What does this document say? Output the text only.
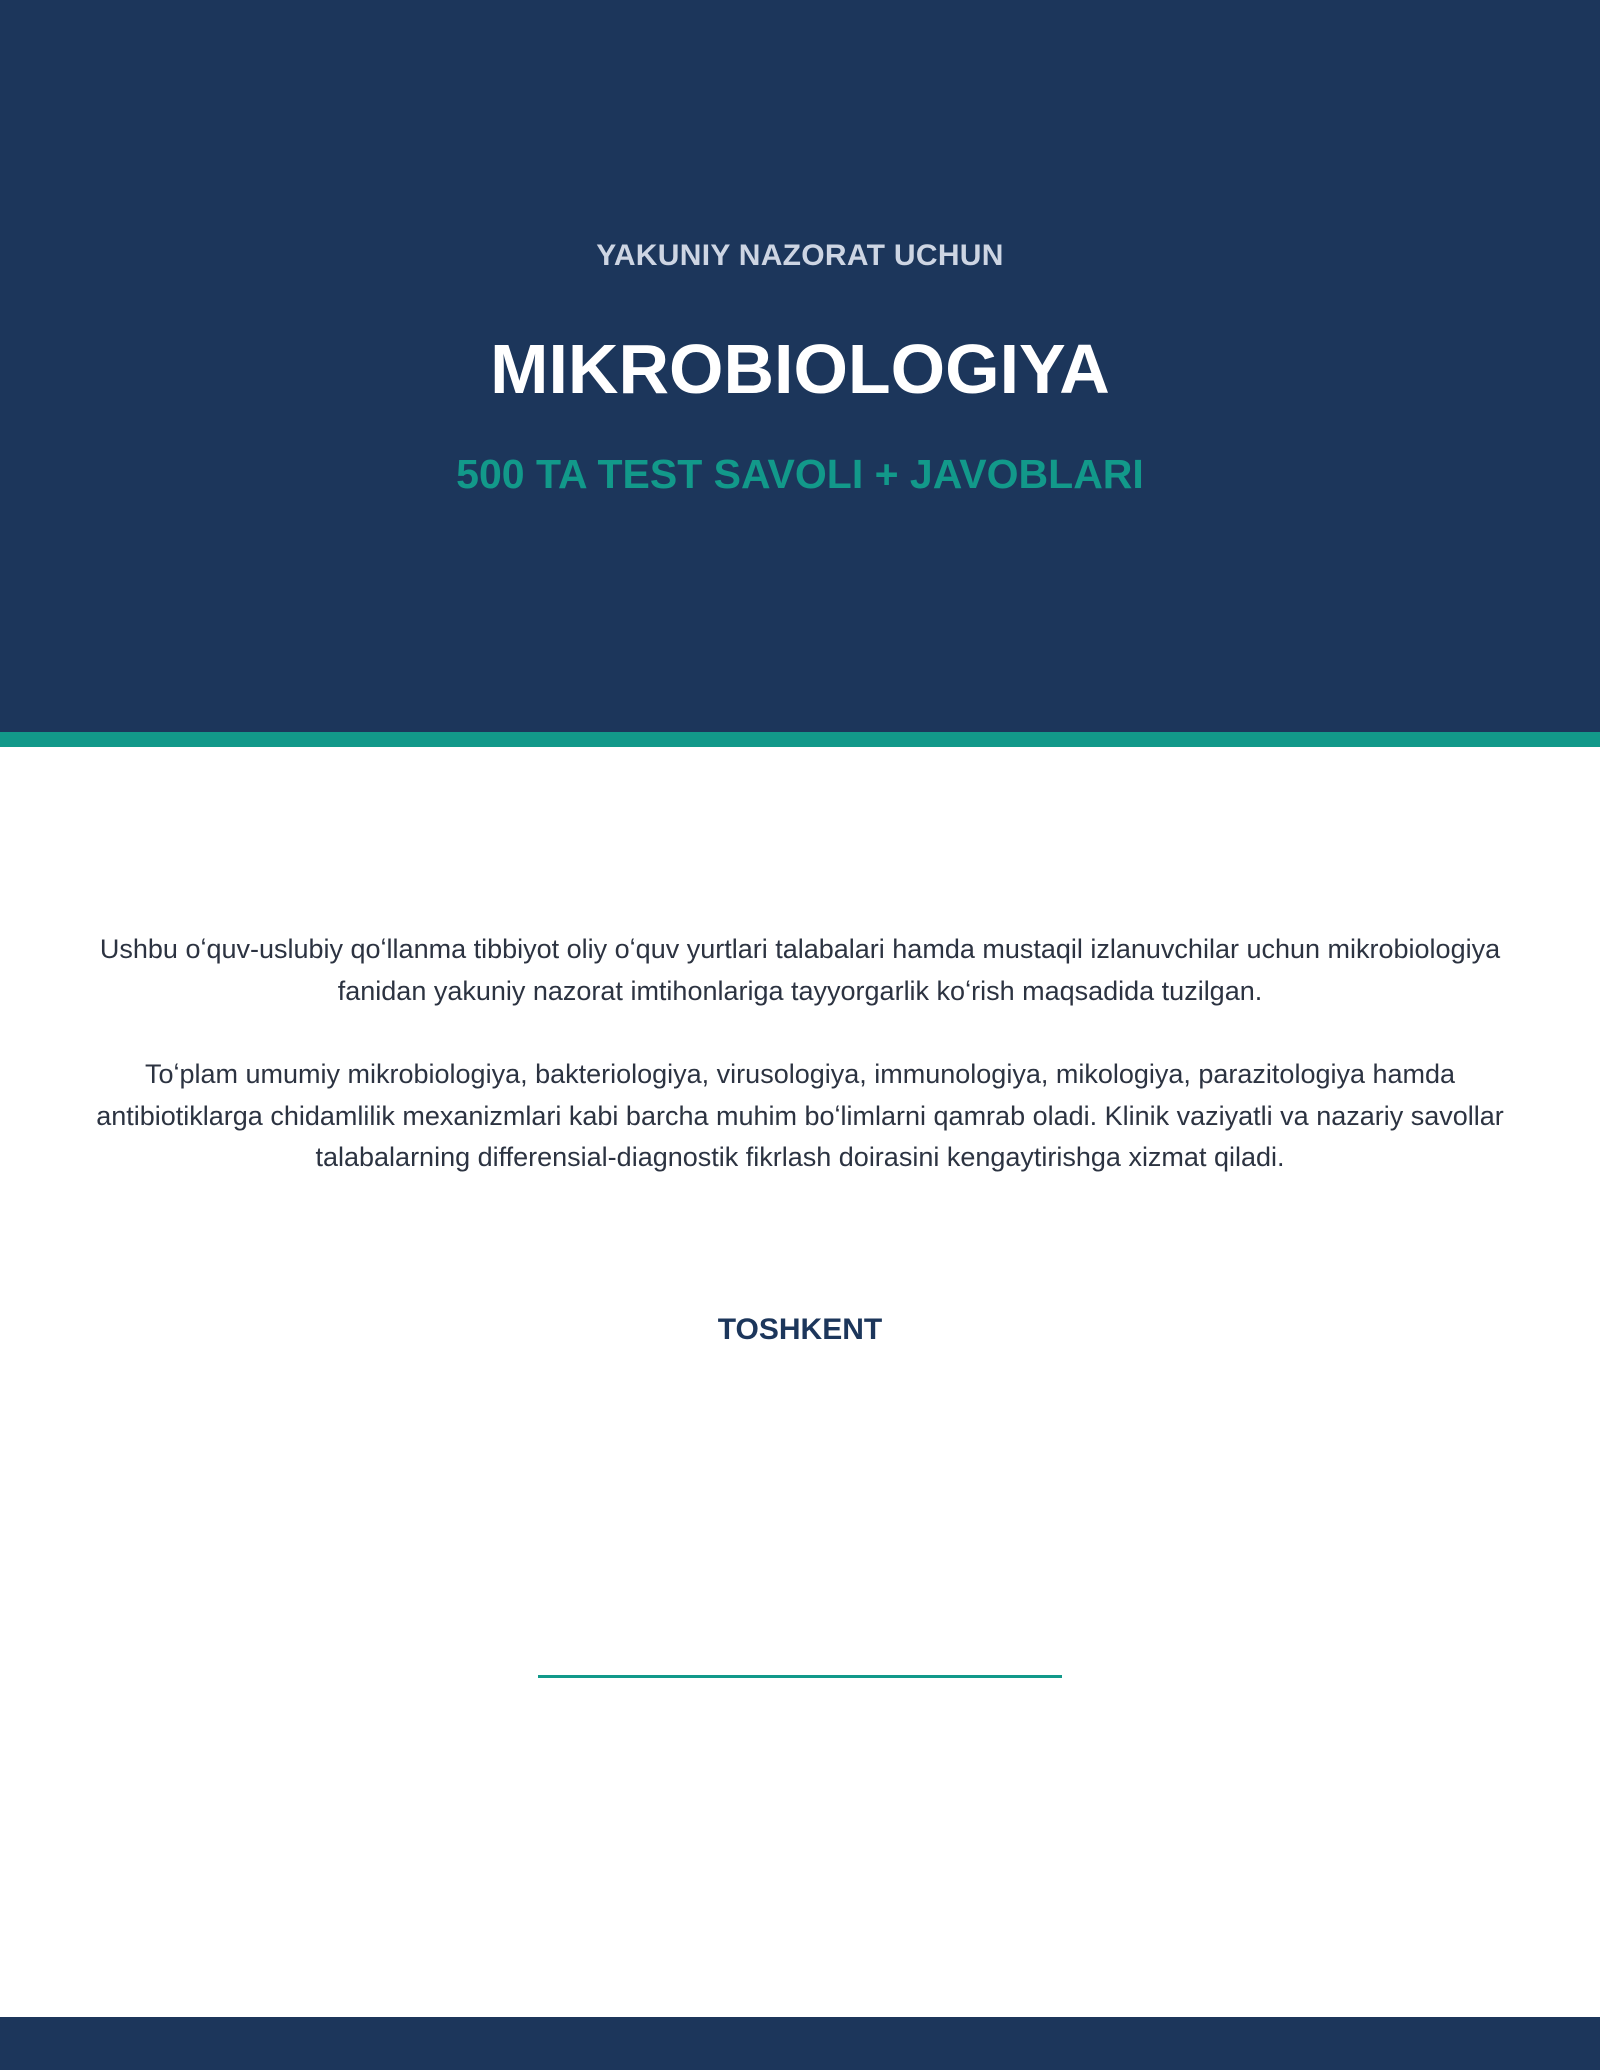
YAKUNIY NAZORAT UCHUN
MIKROBIOLOGIYA
500 TA TEST SAVOLI + JAVOBLARI

Ushbu oʻquv-uslubiy qoʻllanma tibbiyot oliy oʻquv yurtlari talabalari hamda mustaqil izlanuvchilar uchun mikrobiologiya fanidan yakuniy nazorat imtihonlariga tayyorgarlik koʻrish maqsadida tuzilgan.

Toʻplam umumiy mikrobiologiya, bakteriologiya, virusologiya, immunologiya, mikologiya, parazitologiya hamda antibiotiklarga chidamlilik mexanizmlari kabi barcha muhim boʻlimlarni qamrab oladi. Klinik vaziyatli va nazariy savollar talabalarning differensial-diagnostik fikrlash doirasini kengaytirishga xizmat qiladi.

TOSHKENT
